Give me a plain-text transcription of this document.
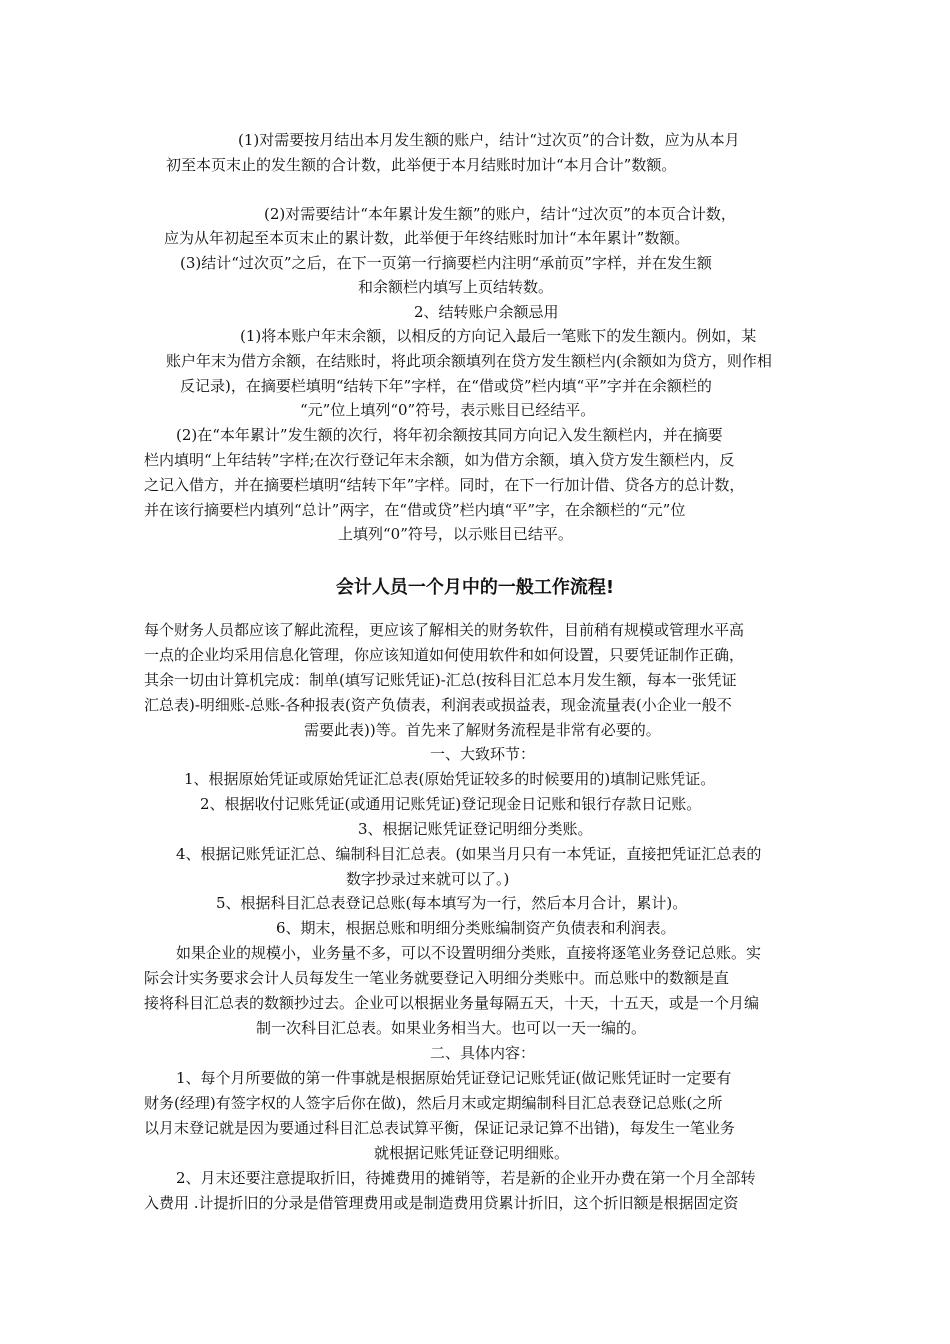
(1)对需要按月结出本月发生额的账户，结计“过次页”的合计数，应为从本月
初至本页末止的发生额的合计数，此举便于本月结账时加计“本月合计”数额。
(2)对需要结计“本年累计发生额”的账户，结计“过次页”的本页合计数，
应为从年初起至本页末止的累计数，此举便于年终结账时加计“本年累计”数额。
(3)结计“过次页”之后，在下一页第一行摘要栏内注明“承前页”字样，并在发生额
和余额栏内填写上页结转数。
2、结转账户余额忌用
(1)将本账户年末余额，以相反的方向记入最后一笔账下的发生额内。例如，某
账户年末为借方余额，在结账时，将此项余额填列在贷方发生额栏内(余额如为贷方，则作相
反记录)，在摘要栏填明“结转下年”字样，在“借或贷”栏内填“平”字并在余额栏的
“元”位上填列“0”符号，表示账目已经结平。
(2)在“本年累计”发生额的次行，将年初余额按其同方向记入发生额栏内，并在摘要
栏内填明“上年结转”字样;在次行登记年末余额，如为借方余额，填入贷方发生额栏内，反
之记入借方，并在摘要栏填明“结转下年”字样。同时，在下一行加计借、贷各方的总计数，
并在该行摘要栏内填列“总计”两字，在“借或贷”栏内填“平”字，在余额栏的“元”位
上填列“0”符号，以示账目已结平。
会计人员一个月中的一般工作流程!
每个财务人员都应该了解此流程，更应该了解相关的财务软件，目前稍有规模或管理水平高
一点的企业均采用信息化管理，你应该知道如何使用软件和如何设置，只要凭证制作正确，
其余一切由计算机完成：制单(填写记账凭证)-汇总(按科目汇总本月发生额，每本一张凭证
汇总表)-明细账-总账-各种报表(资产负债表，利润表或损益表，现金流量表(小企业一般不
需要此表))等。首先来了解财务流程是非常有必要的。
一、大致环节：
1、根据原始凭证或原始凭证汇总表(原始凭证较多的时候要用的)填制记账凭证。
2、根据收付记账凭证(或通用记账凭证)登记现金日记账和银行存款日记账。
3、根据记账凭证登记明细分类账。
4、根据记账凭证汇总、编制科目汇总表。(如果当月只有一本凭证，直接把凭证汇总表的
数字抄录过来就可以了。)
5、根据科目汇总表登记总账(每本填写为一行，然后本月合计，累计)。
6、期末，根据总账和明细分类账编制资产负债表和利润表。
如果企业的规模小，业务量不多，可以不设置明细分类账，直接将逐笔业务登记总账。实
际会计实务要求会计人员每发生一笔业务就要登记入明细分类账中。而总账中的数额是直
接将科目汇总表的数额抄过去。企业可以根据业务量每隔五天，十天，十五天，或是一个月编
制一次科目汇总表。如果业务相当大。也可以一天一编的。
二、具体内容：
1、每个月所要做的第一件事就是根据原始凭证登记记账凭证(做记账凭证时一定要有
财务(经理)有签字权的人签字后你在做)，然后月末或定期编制科目汇总表登记总账(之所
以月末登记就是因为要通过科目汇总表试算平衡，保证记录记算不出错)，每发生一笔业务
就根据记账凭证登记明细账。
2、月末还要注意提取折旧，待摊费用的摊销等，若是新的企业开办费在第一个月全部转
入费用 .计提折旧的分录是借管理费用或是制造费用贷累计折旧，这个折旧额是根据固定资
